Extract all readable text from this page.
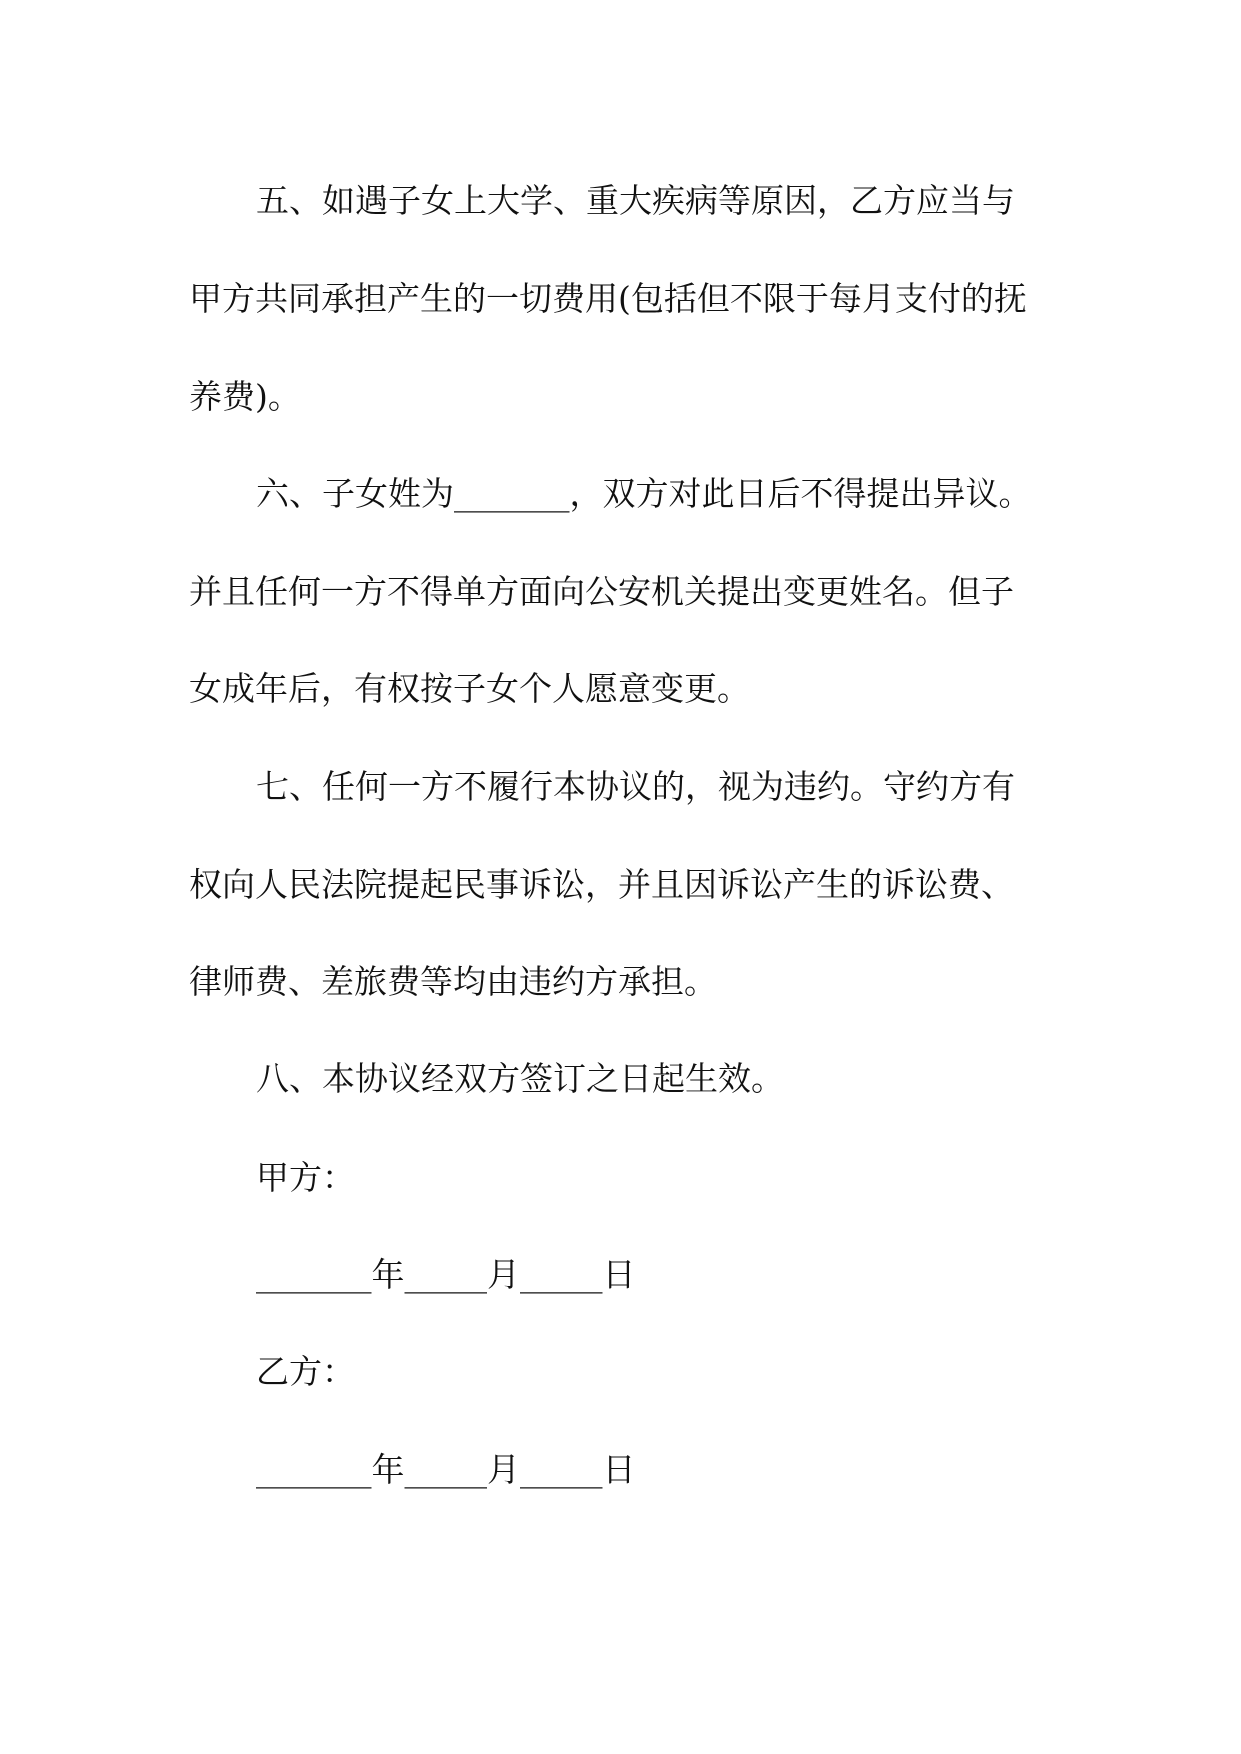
五、如遇子女上大学、重大疾病等原因，乙方应当与
甲方共同承担产生的一切费用(包括但不限于每月支付的抚
养费)。
六、子女姓为_______，双方对此日后不得提出异议。
并且任何一方不得单方面向公安机关提出变更姓名。但子
女成年后，有权按子女个人愿意变更。
七、任何一方不履行本协议的，视为违约。守约方有
权向人民法院提起民事诉讼，并且因诉讼产生的诉讼费、
律师费、差旅费等均由违约方承担。
八、本协议经双方签订之日起生效。
甲方：
_______年_____月_____日
乙方：
_______年_____月_____日
